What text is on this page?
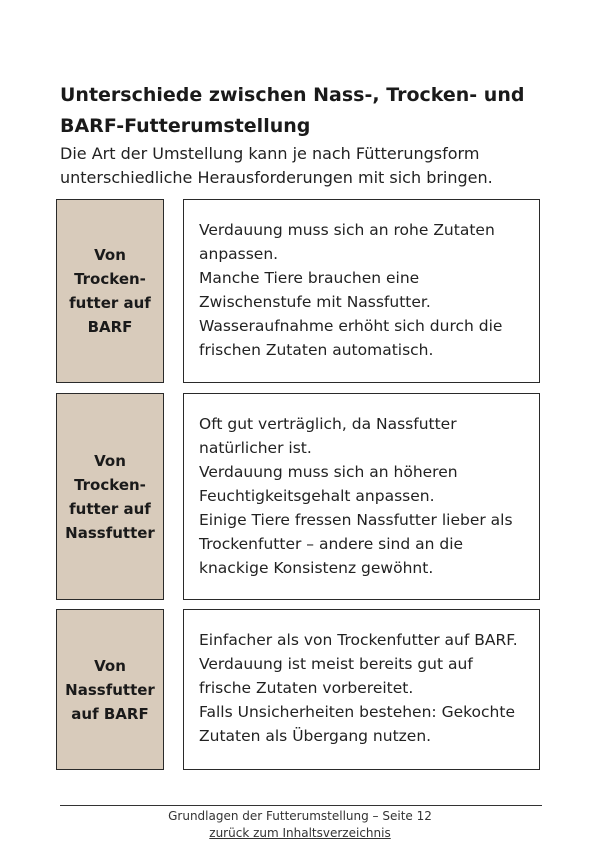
Unterschiede zwischen Nass-, Trocken- und
BARF-Futterumstellung

Die Art der Umstellung kann je nach Fütterungsform
unterschiedliche Herausforderungen mit sich bringen.

Von
Trocken-
futter auf
BARF

Verdauung muss sich an rohe Zutaten

anpassen.

Manche Tiere brauchen eine

Zwischenstufe mit Nassfutter.

Wasseraufnahme erhöht sich durch die

frischen Zutaten automatisch.

Von
Trocken-
futter auf
Nassfutter

Oft gut verträglich, da Nassfutter

natürlicher ist.

Verdauung muss sich an höheren

Feuchtigkeitsgehalt anpassen.

Einige Tiere fressen Nassfutter lieber als

Trockenfutter – andere sind an die

knackige Konsistenz gewöhnt.

Von
Nassfutter
auf BARF

Einfacher als von Trockenfutter auf BARF.

Verdauung ist meist bereits gut auf

frische Zutaten vorbereitet.

Falls Unsicherheiten bestehen: Gekochte

Zutaten als Übergang nutzen.

Grundlagen der Futterumstellung – Seite 12
zurück zum Inhaltsverzeichnis
